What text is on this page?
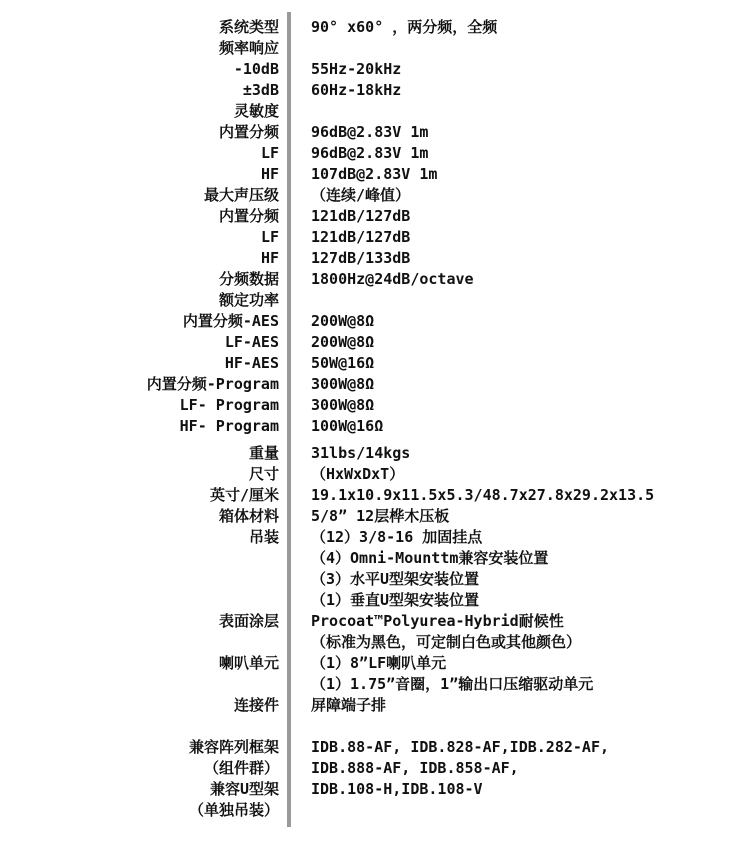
系统类型
频率响应
-10dB
±3dB
灵敏度
内置分频
LF
HF
最大声压级
内置分频
LF
HF
分频数据
额定功率
内置分频-AES
LF-AES
HF-AES
内置分频-Program
LF- Program
HF- Program
重量
尺寸
英寸/厘米
箱体材料
吊装
表面涂层
喇叭单元
连接件
兼容阵列框架
（组件群）
兼容U型架
（单独吊装）
90° x60° ，两分频，全频
55Hz-20kHz
60Hz-18kHz
96dB@2.83V 1m
96dB@2.83V 1m
107dB@2.83V 1m
（连续/峰值）
121dB/127dB
121dB/127dB
127dB/133dB
1800Hz@24dB/octave
200W@8Ω
200W@8Ω
50W@16Ω
300W@8Ω
300W@8Ω
100W@16Ω
31lbs/14kgs
（HxWxDxT）
19.1x10.9x11.5x5.3/48.7x27.8x29.2x13.5
5/8” 12层桦木压板
（12）3/8-16 加固挂点
（4）Omni-Mounttm兼容安装位置
（3）水平U型架安装位置
（1）垂直U型架安装位置
Procoat™Polyurea-Hybrid耐候性
（标准为黑色，可定制白色或其他颜色）
（1）8”LF喇叭单元
（1）1.75”音圈，1”输出口压缩驱动单元
屏障端子排
IDB.88-AF, IDB.828-AF,IDB.282-AF,
IDB.888-AF, IDB.858-AF,
IDB.108-H,IDB.108-V
